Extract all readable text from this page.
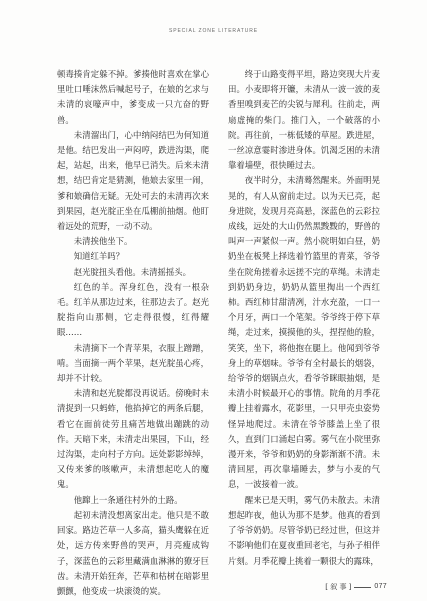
SPECIAL ZONE LITERATURE

顿毒揍肯定躲不掉。爹揍他时喜欢在掌心里吐口唾沫然后喊起号子，在娘的乞求与未清的哀嚎声中，爹变成一只亢奋的野兽。

未清溜出门，心中纳闷结巴为何知道是他。结巴发出一声闷哼，跌进沟渠，爬起，站起，出来，他早已消失。后来未清想，结巴肯定是猜测，他娘去家里一闹，爹和娘确信无疑。无处可去的未清再次来到果园，赵光腚正坐在瓜棚前抽烟。他盯着远处的荒野，一动不动。

未清挨他坐下。

知道红羊吗？

赵光腚扭头看他。未清摇摇头。

红色的羊。浑身红色，没有一根杂毛。红羊从那边过来，往那边去了。赵光腚指向山那侧，它走得很慢，红得耀眼……

未清摘下一个青苹果，衣服上蹭蹭，啃。当面摘一两个苹果，赵光腚虽心疼，却并不计较。

未清和赵光腚都没再说话。傍晚时未清捉到一只蚂蚱，他掐掉它的两条后腿，看它在面前徒劳且痛苦地做出蹦跳的动作。天暗下来，未清走出果园，下山，经过沟渠，走向村子方向。远处影影绰绰，又传来爹的咳嗽声，未清想起吃人的魔鬼。

他蹿上一条通往村外的土路。

起初未清没想离家出走。他只是不敢回家。路边芒草一人多高，猫头鹰躲在近处，远方传来野兽的哭声，月亮瘦成钩子，深蓝色的云彩里藏满血淋淋的獠牙巨齿。未清开始狂奔，芒草和枯树在暗影里颤颤，他变成一块滚烫的炭。

终于山路变得平坦，路边突现大片麦田。小麦即将开镰，未清从一波一波的麦香里嗅到麦芒的尖锐与犀利。往前走，两扇虚掩的柴门。推门入，一个破落的小院。再往前，一栋低矮的草屋。跌进屋，一丝凉意霎时渗进身体。饥渴乏困的未清靠着墙壁，很快睡过去。

夜半时分，未清蓦然醒来。外面明晃晃的，有人从窗前走过。以为天已亮，起身进院，发现月亮高悬，深蓝色的云彩拉成线，远处的大山仍然黑黢黢的，野兽的叫声一声紧似一声。然小院明如白昼，奶奶坐在板凳上择选着竹篮里的青菜，爷爷坐在院角搓着永远搓不完的草绳。未清走到奶奶身边，奶奶从篮里掏出一个西红柿。西红柿甘甜清冽，汁水充盈，一口一个月牙，两口一个笔架。爷爷终于停下草绳，走过来，摸摸他的头，捏捏他的脸，笑笑，坐下，将他抱在腿上。他闻到爷爷身上的草烟味。爷爷有全村最长的烟袋，给爷爷的烟锅点火，看爷爷眯眼抽烟，是未清小时候最开心的事情。院角的月季花瓣上挂着露水，花影里，一只甲壳虫姿势怪异地爬过。未清在爷爷膝盖上坐了很久，直到门口涌起白雾。雾气在小院里弥漫开来，爷爷和奶奶的身影渐渐不清。未清回屋，再次靠墙睡去，梦与小麦的气息，一波接着一波。

醒来已是天明，雾气仍未散去。未清想起昨夜，他认为那不是梦。他真的看到了爷爷奶奶。尽管爷奶已经过世，但这并不影响他们在夏夜重回老宅，与孙子相伴片刻。月季花瓣上挑着一颗很大的露珠，

[ 叙 事 ]	077
